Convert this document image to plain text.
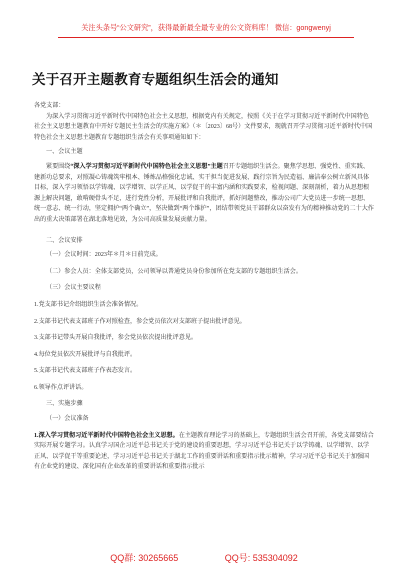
关注头条号“公文研究”，获得最新最全最专业的公文资料库！ 微信：gongwenyj
关于召开主题教育专题组织生活会的通知

各党支部：

为深入学习贯彻习近平新时代中国特色社会主义思想，根据党内有关规定，按照《关于在学习贯彻习近平新时代中国特色社会主义思想主题教育中开好专题民主生活会的实施方案》（＊〔2023〕68号）文件要求，现就召开学习贯彻习近平新时代中国特色社会主义思想主题教育专题组织生活会有关事项通知如下：

一、会议主题

紧要围绕“深入学习贯彻习近平新时代中国特色社会主义思想”主题召开专题组织生活会。聚焦学思想、强党性、重实践、建新功总要求，对照凝心铸魂筑牢根本、锤炼品格强化忠诚、实干担当促进发展、践行宗旨为民造福、廉洁奉公树立新风具体目标，深入学习领悟以学铸魂、以学增智、以学正风、以学促干的丰富内涵和实践要求，检视问题、深刻剖析，着力从思想根源上解决问题，敢啃硬骨头不足，进行党性分析，开展批评和自我批评，抓好问题整改，推动公司广大党员进一步统一思想、统一意志、统一行动，坚定拥护“两个确立”，坚决做到“两个维护”，团结带领党员干部群众以奋发有为的精神推动党的二十大作出的重大决策部署在湖北落地见效，为公司高质量发展贡献力量。

二、会议安排

（一）会议时间：2023年＊月＊日前完成。

（二）参会人员：全体支部党员，公司领导以普通党员身份参加所在党支部的专题组织生活会。

（三）会议主要议程

1.党支部书记介绍组织生活会准备情况。

2.支部书记代表支部班子作对照检查，参会党员依次对支部班子提出批评意见。

3.支部书记带头开展自我批评，参会党员依次提出批评意见。

4.每位党员依次开展批评与自我批评。

5.支部书记代表支部班子作表态发言。

6.领导作点评讲话。

三、实施步骤

（一）会议准备

1.深入学习贯彻习近平新时代中国特色社会主义思想。在主题教育理论学习的基础上，专题组织生活会召开前，各党支部要结合实际开展专题学习。认真学习国企习近平总书记关于党的建设的重要思想，学习习近平总书记关于以学铸魂、以学增智、以学正风、以学促干等重要论述，学习习近平总书记关于湖北工作的重要讲话和重要指示批示精神，学习习近平总书记关于加强国有企业党的建设、深化国有企业改革的重要讲话和重要指示批示

QQ群: 30265665	QQ号: 535304092
